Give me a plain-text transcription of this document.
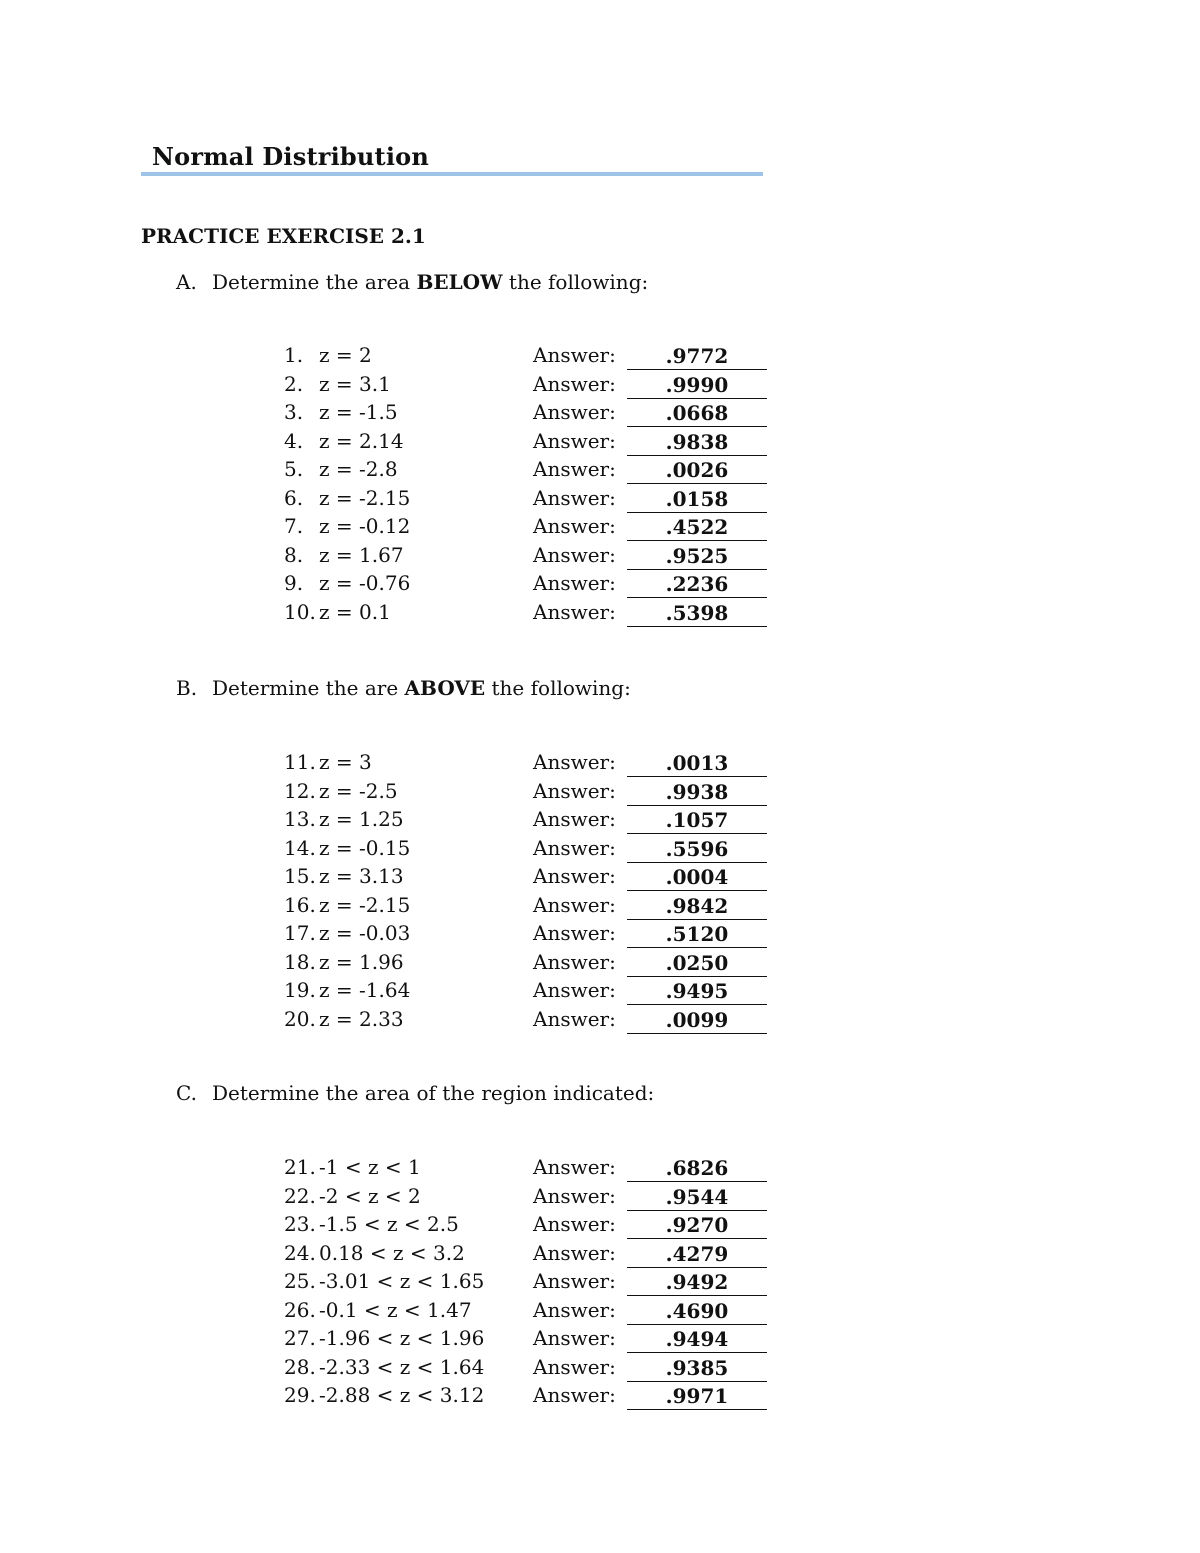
Normal Distribution
PRACTICE EXERCISE 2.1
A. Determine the area BELOW the following:
1. z = 2	Answer:	.9772
2. z = 3.1	Answer:	.9990
3. z = -1.5	Answer:	.0668
4. z = 2.14	Answer:	.9838
5. z = -2.8	Answer:	.0026
6. z = -2.15	Answer:	.0158
7. z = -0.12	Answer:	.4522
8. z = 1.67	Answer:	.9525
9. z = -0.76	Answer:	.2236
10. z = 0.1	Answer:	.5398
B. Determine the are ABOVE the following:
11. z = 3	Answer:	.0013
12. z = -2.5	Answer:	.9938
13. z = 1.25	Answer:	.1057
14. z = -0.15	Answer:	.5596
15. z = 3.13	Answer:	.0004
16. z = -2.15	Answer:	.9842
17. z = -0.03	Answer:	.5120
18. z = 1.96	Answer:	.0250
19. z = -1.64	Answer:	.9495
20. z = 2.33	Answer:	.0099
C. Determine the area of the region indicated:
21. -1 < z < 1	Answer:	.6826
22. -2 < z < 2	Answer:	.9544
23. -1.5 < z < 2.5	Answer:	.9270
24. 0.18 < z < 3.2	Answer:	.4279
25. -3.01 < z < 1.65 Answer:	.9492
26. -0.1 < z < 1.47	Answer:	.4690
27. -1.96 < z < 1.96 Answer:	.9494
28. -2.33 < z < 1.64 Answer:	.9385
29. -2.88 < z < 3.12 Answer:	.9971
